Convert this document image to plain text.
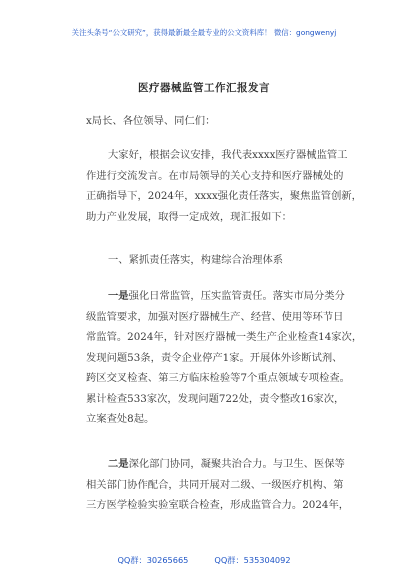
关注头条号“公文研究”，获得最新最全最专业的公文资料库！ 微信：gongwenyj
医疗器械监管工作汇报发言
x局长、各位领导、同仁们：
大家好，根据会议安排，我代表xxxx医疗器械监管工
作进行交流发言。在市局领导的关心支持和医疗器械处的
正确指导下，2024年，xxxx强化责任落实，聚焦监管创新，
助力产业发展，取得一定成效，现汇报如下：
一、紧抓责任落实，构建综合治理体系
一是强化日常监管，压实监管责任。落实市局分类分
级监管要求，加强对医疗器械生产、经营、使用等环节日
常监管。2024年，针对医疗器械一类生产企业检查14家次，
发现问题53条，责令企业停产1家。开展体外诊断试剂、
跨区交叉检查、第三方临床检验等7个重点领域专项检查。
累计检查533家次，发现问题722处，责令整改16家次，
立案查处8起。
二是深化部门协同，凝聚共治合力。与卫生、医保等
相关部门协作配合，共同开展对二级、一级医疗机构、第
三方医学检验实验室联合检查，形成监管合力。2024年，
QQ群：30265665	QQ群：535304092
